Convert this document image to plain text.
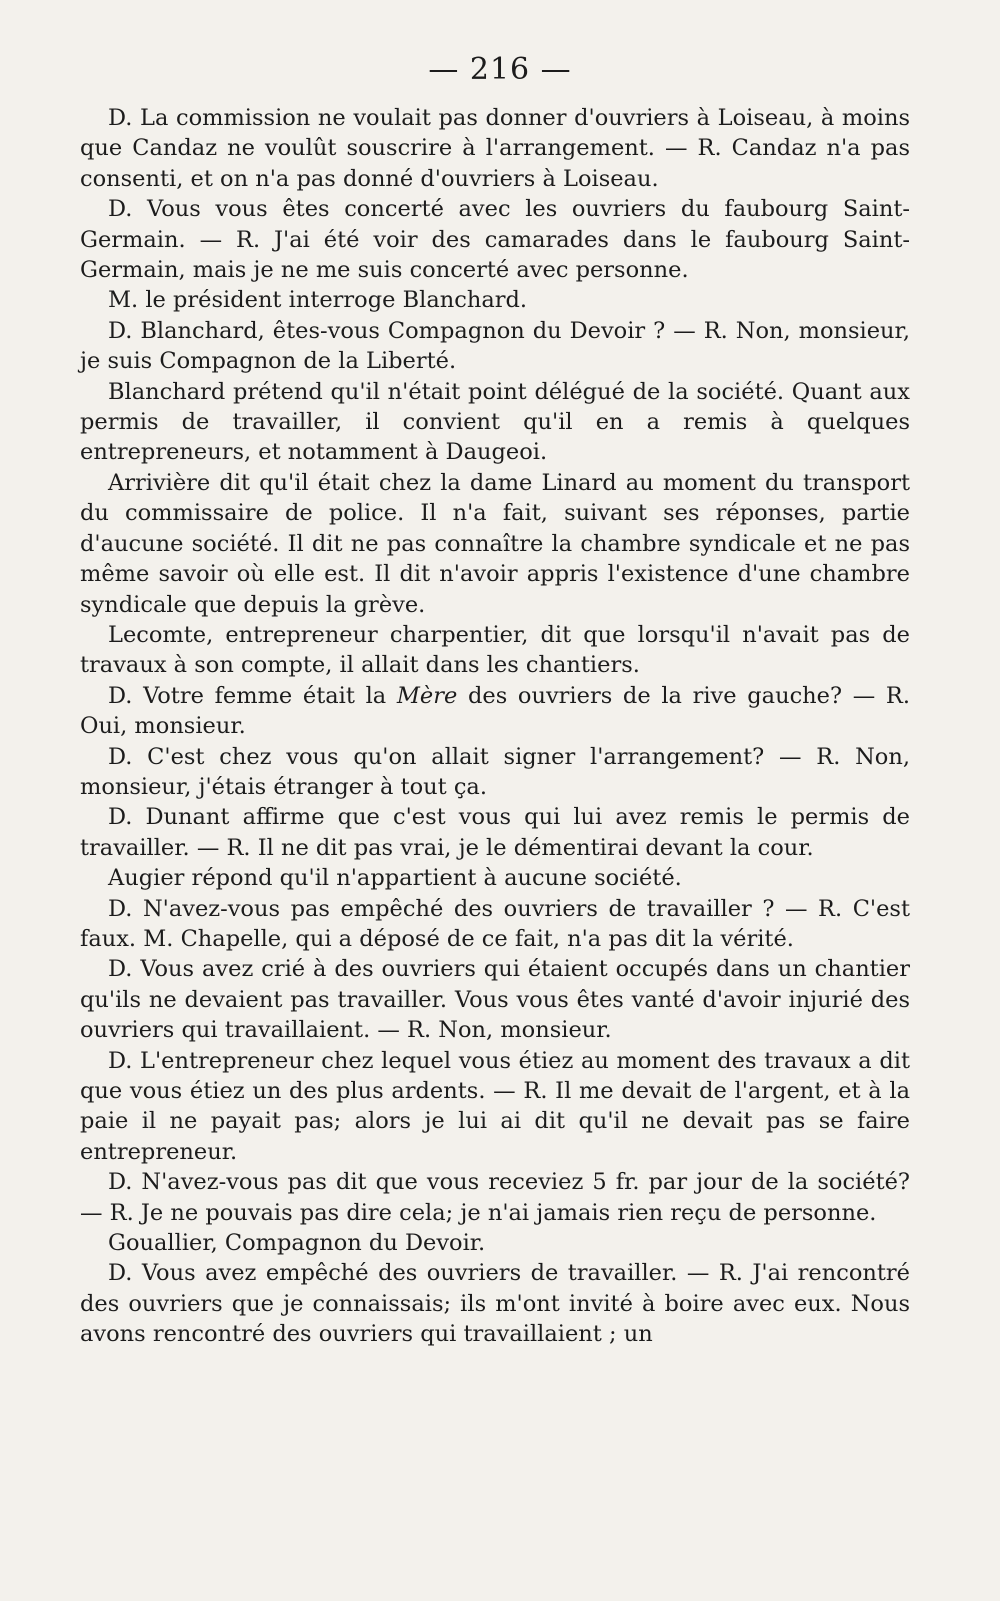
— 216 —

D. La commission ne voulait pas donner d'ouvriers à Loiseau, à moins que Candaz ne voulût souscrire à l'arrangement. — R. Candaz n'a pas consenti, et on n'a pas donné d'ouvriers à Loiseau.

D. Vous vous êtes concerté avec les ouvriers du faubourg Saint-Germain. — R. J'ai été voir des camarades dans le faubourg Saint-Germain, mais je ne me suis concerté avec personne.

M. le président interroge Blanchard.

D. Blanchard, êtes-vous Compagnon du Devoir ? — R. Non, monsieur, je suis Compagnon de la Liberté.

Blanchard prétend qu'il n'était point délégué de la société. Quant aux permis de travailler, il convient qu'il en a remis à quelques entrepreneurs, et notamment à Daugeoi.

Arrivière dit qu'il était chez la dame Linard au moment du transport du commissaire de police. Il n'a fait, suivant ses réponses, partie d'aucune société. Il dit ne pas connaître la chambre syndicale et ne pas même savoir où elle est. Il dit n'avoir appris l'existence d'une chambre syndicale que depuis la grève.

Lecomte, entrepreneur charpentier, dit que lorsqu'il n'avait pas de travaux à son compte, il allait dans les chantiers.

D. Votre femme était la Mère des ouvriers de la rive gauche? — R. Oui, monsieur.

D. C'est chez vous qu'on allait signer l'arrangement? — R. Non, monsieur, j'étais étranger à tout ça.

D. Dunant affirme que c'est vous qui lui avez remis le permis de travailler. — R. Il ne dit pas vrai, je le démentirai devant la cour.

Augier répond qu'il n'appartient à aucune société.

D. N'avez-vous pas empêché des ouvriers de travailler ? — R. C'est faux. M. Chapelle, qui a déposé de ce fait, n'a pas dit la vérité.

D. Vous avez crié à des ouvriers qui étaient occupés dans un chantier qu'ils ne devaient pas travailler. Vous vous êtes vanté d'avoir injurié des ouvriers qui travaillaient. — R. Non, monsieur.

D. L'entrepreneur chez lequel vous étiez au moment des travaux a dit que vous étiez un des plus ardents. — R. Il me devait de l'argent, et à la paie il ne payait pas; alors je lui ai dit qu'il ne devait pas se faire entrepreneur.

D. N'avez-vous pas dit que vous receviez 5 fr. par jour de la société? — R. Je ne pouvais pas dire cela; je n'ai jamais rien reçu de personne.

Gouallier, Compagnon du Devoir.

D. Vous avez empêché des ouvriers de travailler. — R. J'ai rencontré des ouvriers que je connaissais; ils m'ont invité à boire avec eux. Nous avons rencontré des ouvriers qui travaillaient ; un
